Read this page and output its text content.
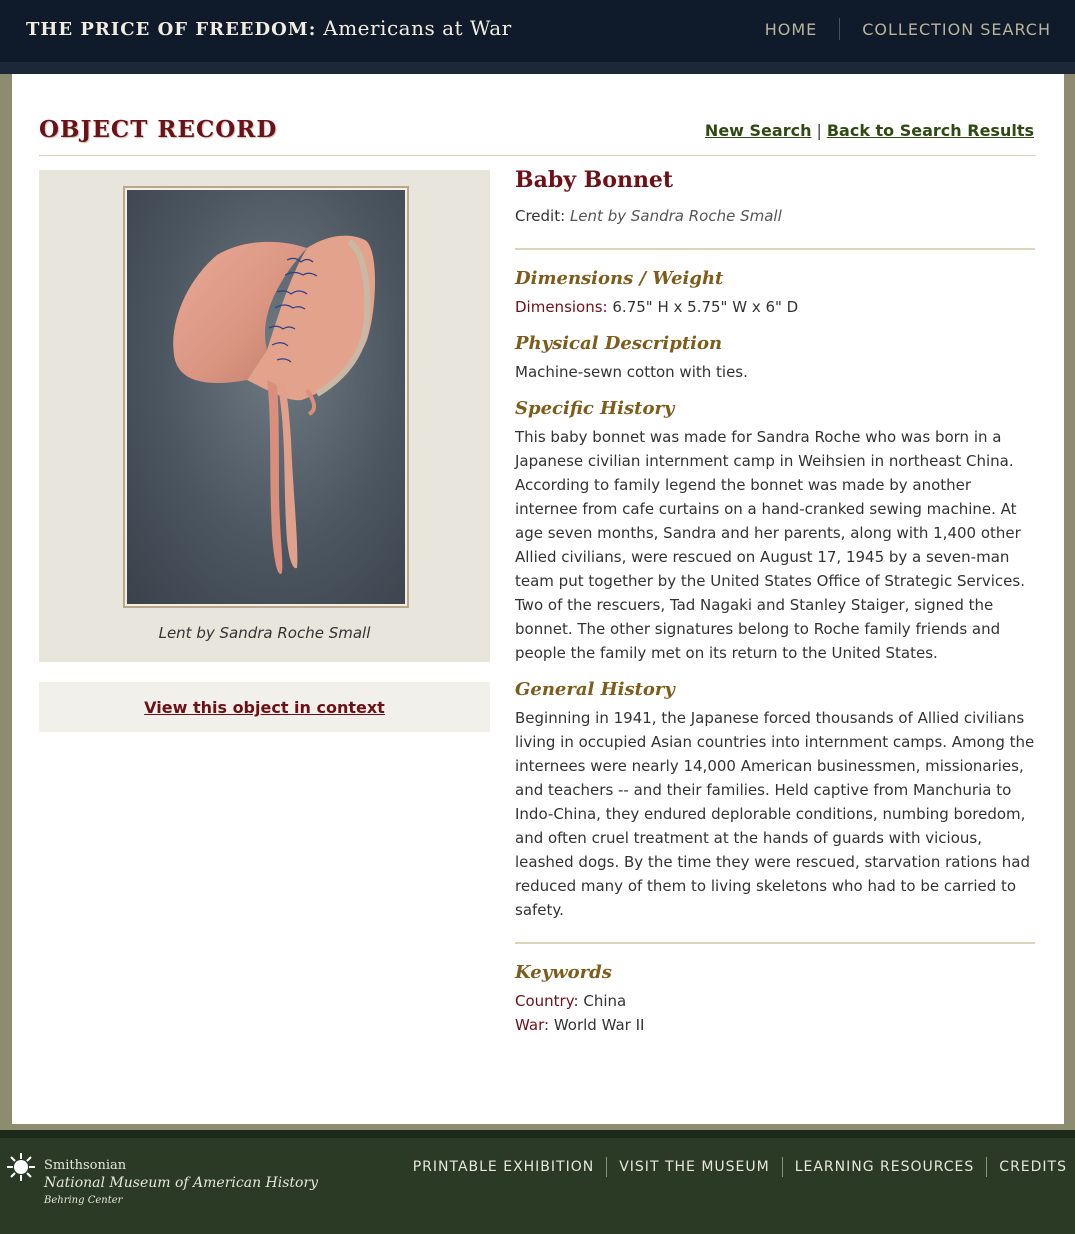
THE PRICE OF FREEDOM: Americans at War	HOME	COLLECTION SEARCH
OBJECT RECORD	New Search | Back to Search Results
Lent by Sandra Roche Small
View this object in context
Baby Bonnet
Credit: Lent by Sandra Roche Small
Dimensions / Weight
Dimensions: 6.75" H x 5.75" W x 6" D
Physical Description
Machine-sewn cotton with ties.
Specific History
This baby bonnet was made for Sandra Roche who was born in a Japanese civilian internment camp in Weihsien in northeast China. According to family legend the bonnet was made by another internee from cafe curtains on a hand-cranked sewing machine. At age seven months, Sandra and her parents, along with 1,400 other Allied civilians, were rescued on August 17, 1945 by a seven-man team put together by the United States Office of Strategic Services. Two of the rescuers, Tad Nagaki and Stanley Staiger, signed the bonnet. The other signatures belong to Roche family friends and people the family met on its return to the United States.
General History
Beginning in 1941, the Japanese forced thousands of Allied civilians living in occupied Asian countries into internment camps. Among the internees were nearly 14,000 American businessmen, missionaries, and teachers -- and their families. Held captive from Manchuria to Indo-China, they endured deplorable conditions, numbing boredom, and often cruel treatment at the hands of guards with vicious, leashed dogs. By the time they were rescued, starvation rations had reduced many of them to living skeletons who had to be carried to safety.
Keywords
Country: China
War: World War II
Smithsonian
National Museum of American History
Behring Center
PRINTABLE EXHIBITION VISIT THE MUSEUM LEARNING RESOURCES CREDITS
